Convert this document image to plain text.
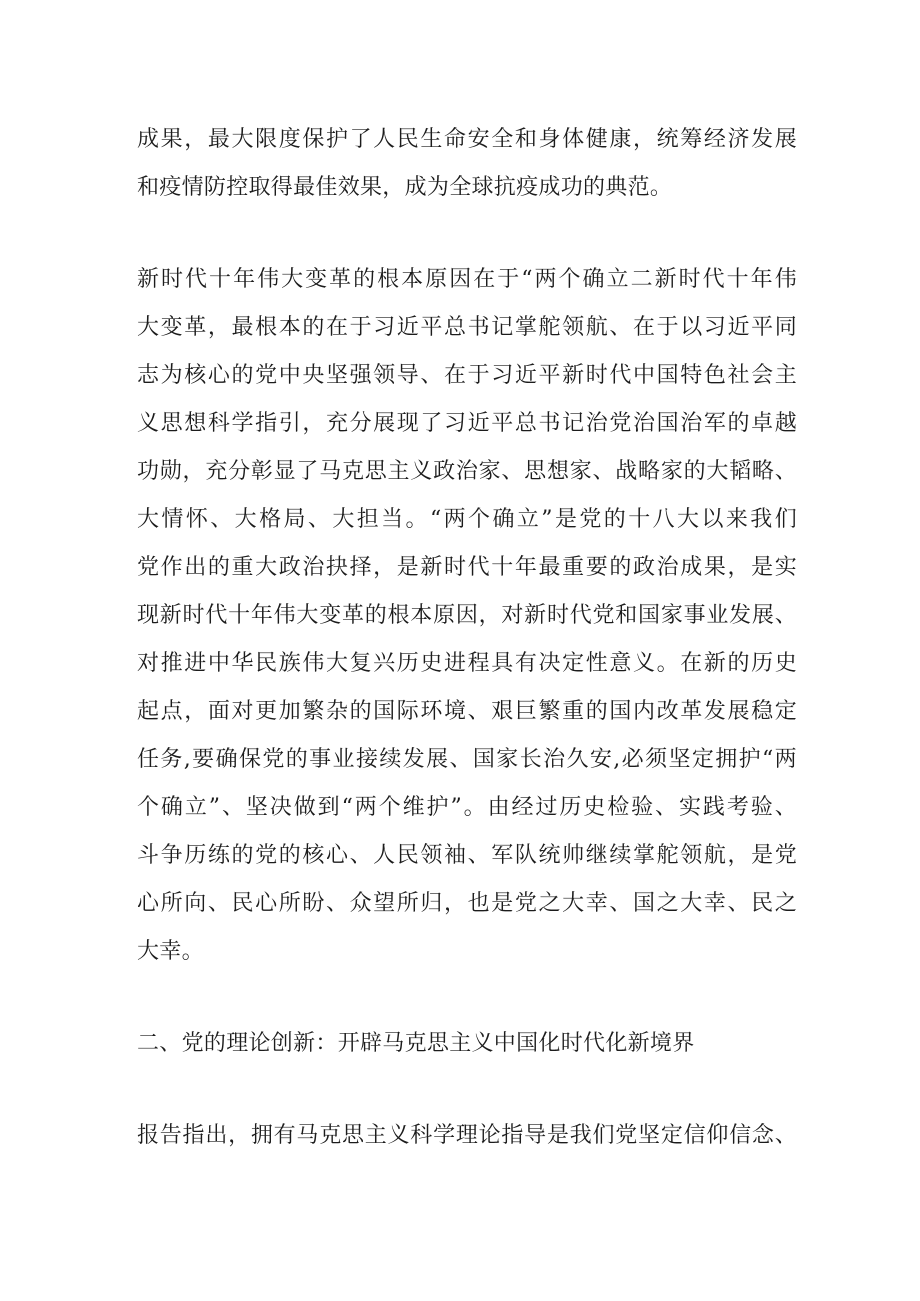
成果，最大限度保护了人民生命安全和身体健康，统筹经济发展

和疫情防控取得最佳效果，成为全球抗疫成功的典范。

新时代十年伟大变革的根本原因在于“两个确立二新时代十年伟

大变革，最根本的在于习近平总书记掌舵领航、在于以习近平同

志为核心的党中央坚强领导、在于习近平新时代中国特色社会主

义思想科学指引，充分展现了习近平总书记治党治国治军的卓越

功勋，充分彰显了马克思主义政治家、思想家、战略家的大韬略、

大情怀、大格局、大担当。“两个确立”是党的十八大以来我们

党作出的重大政治抉择，是新时代十年最重要的政治成果，是实

现新时代十年伟大变革的根本原因，对新时代党和国家事业发展、

对推进中华民族伟大复兴历史进程具有决定性意义。在新的历史

起点，面对更加繁杂的国际环境、艰巨繁重的国内改革发展稳定

任务,要确保党的事业接续发展、国家长治久安,必须坚定拥护“两

个确立”、坚决做到“两个维护”。由经过历史检验、实践考验、

斗争历练的党的核心、人民领袖、军队统帅继续掌舵领航，是党

心所向、民心所盼、众望所归，也是党之大幸、国之大幸、民之

大幸。

二、党的理论创新：开辟马克思主义中国化时代化新境界

报告指出，拥有马克思主义科学理论指导是我们党坚定信仰信念、
